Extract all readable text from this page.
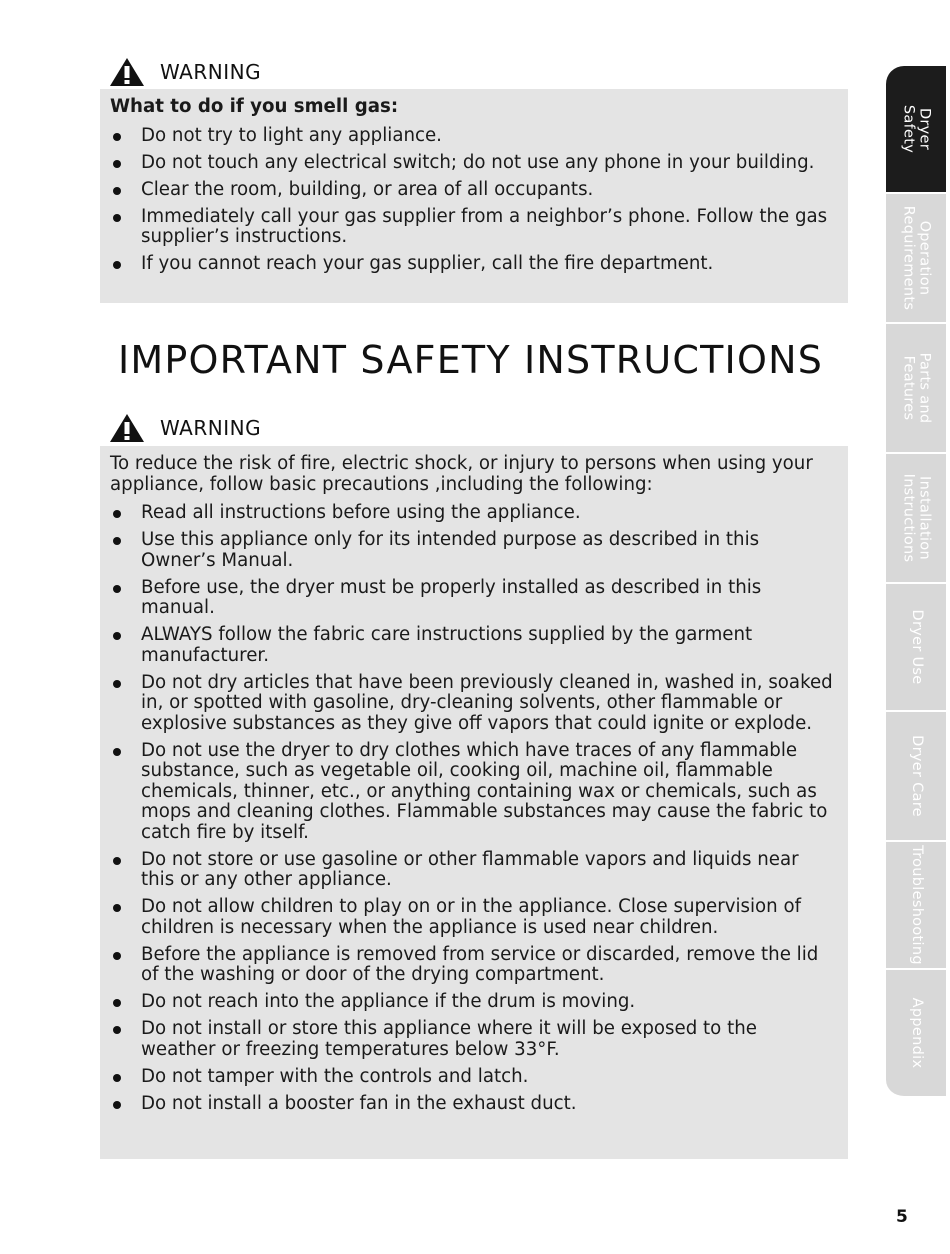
WARNING
What to do if you smell gas:
Do not try to light any appliance.
Do not touch any electrical switch; do not use any phone in your building.
Clear the room, building, or area of all occupants.
Immediately call your gas supplier from a neighbor’s phone. Follow the gas supplier’s instructions.
If you cannot reach your gas supplier, call the fire department.
IMPORTANT SAFETY INSTRUCTIONS
WARNING

To reduce the risk of fire, electric shock, or injury to persons when using your appliance, follow basic precautions ,including the following:

Read all instructions before using the appliance.
Use this appliance only for its intended purpose as described in this Owner’s Manual.
Before use, the dryer must be properly installed as described in this manual.
ALWAYS follow the fabric care instructions supplied by the garment manufacturer.
Do not dry articles that have been previously cleaned in, washed in, soaked in, or spotted with gasoline, dry-cleaning solvents, other flammable or explosive substances as they give off vapors that could ignite or explode.
Do not use the dryer to dry clothes which have traces of any flammable substance, such as vegetable oil, cooking oil, machine oil, flammable chemicals, thinner, etc., or anything containing wax or chemicals, such as mops and cleaning clothes. Flammable substances may cause the fabric to catch fire by itself.
Do not store or use gasoline or other flammable vapors and liquids near this or any other appliance.
Do not allow children to play on or in the appliance. Close supervision of children is necessary when the appliance is used near children.
Before the appliance is removed from service or discarded, remove the lid of the washing or door of the drying compartment.
Do not reach into the appliance if the drum is moving.
Do not install or store this appliance where it will be exposed to the weather or freezing temperatures below 33°F.
Do not tamper with the controls and latch.
Do not install a booster fan in the exhaust duct.
Dryer
Safety
Operation
Requirements
Parts and
Features
Installation
Instructions
Dryer Use
Dryer Care
Troubleshooting
Appendix
5
